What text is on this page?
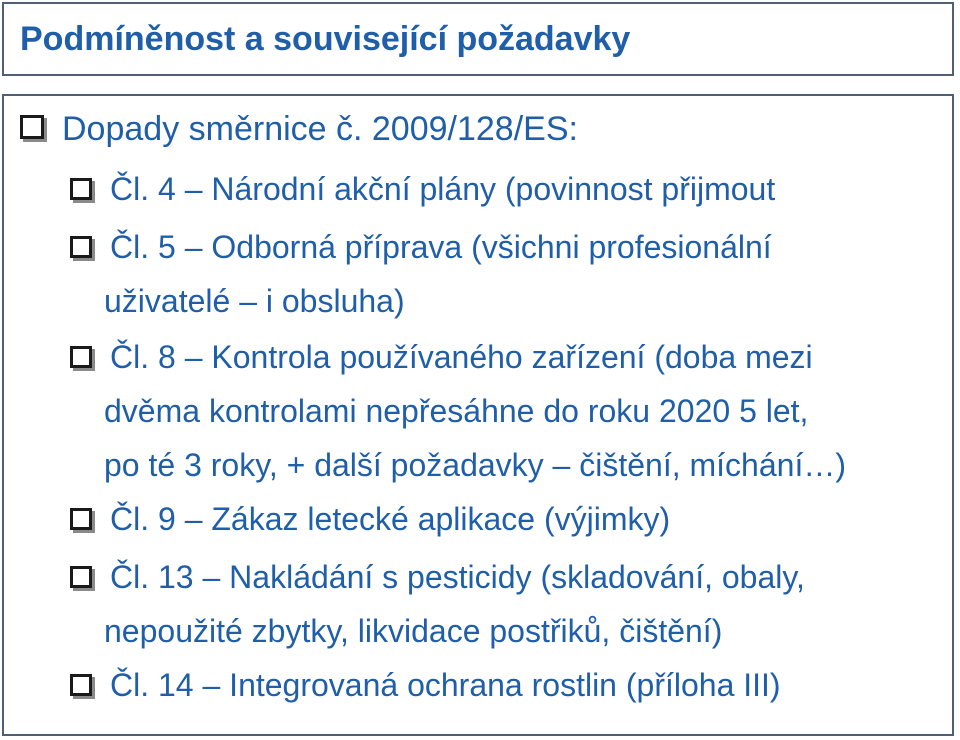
Podmíněnost a související požadavky
Dopady směrnice č. 2009/128/ES:
Čl. 4 – Národní akční plány (povinnost přijmout
Čl. 5 – Odborná příprava (všichni profesionální
uživatelé – i obsluha)
Čl. 8 – Kontrola používaného zařízení (doba mezi
dvěma kontrolami nepřesáhne do roku 2020 5 let,
po té 3 roky, + další požadavky – čištění, míchání…)
Čl. 9 – Zákaz letecké aplikace (výjimky)
Čl. 13 – Nakládání s pesticidy (skladování, obaly,
nepoužité zbytky, likvidace postřiků, čištění)
Čl. 14 – Integrovaná ochrana rostlin (příloha III)
